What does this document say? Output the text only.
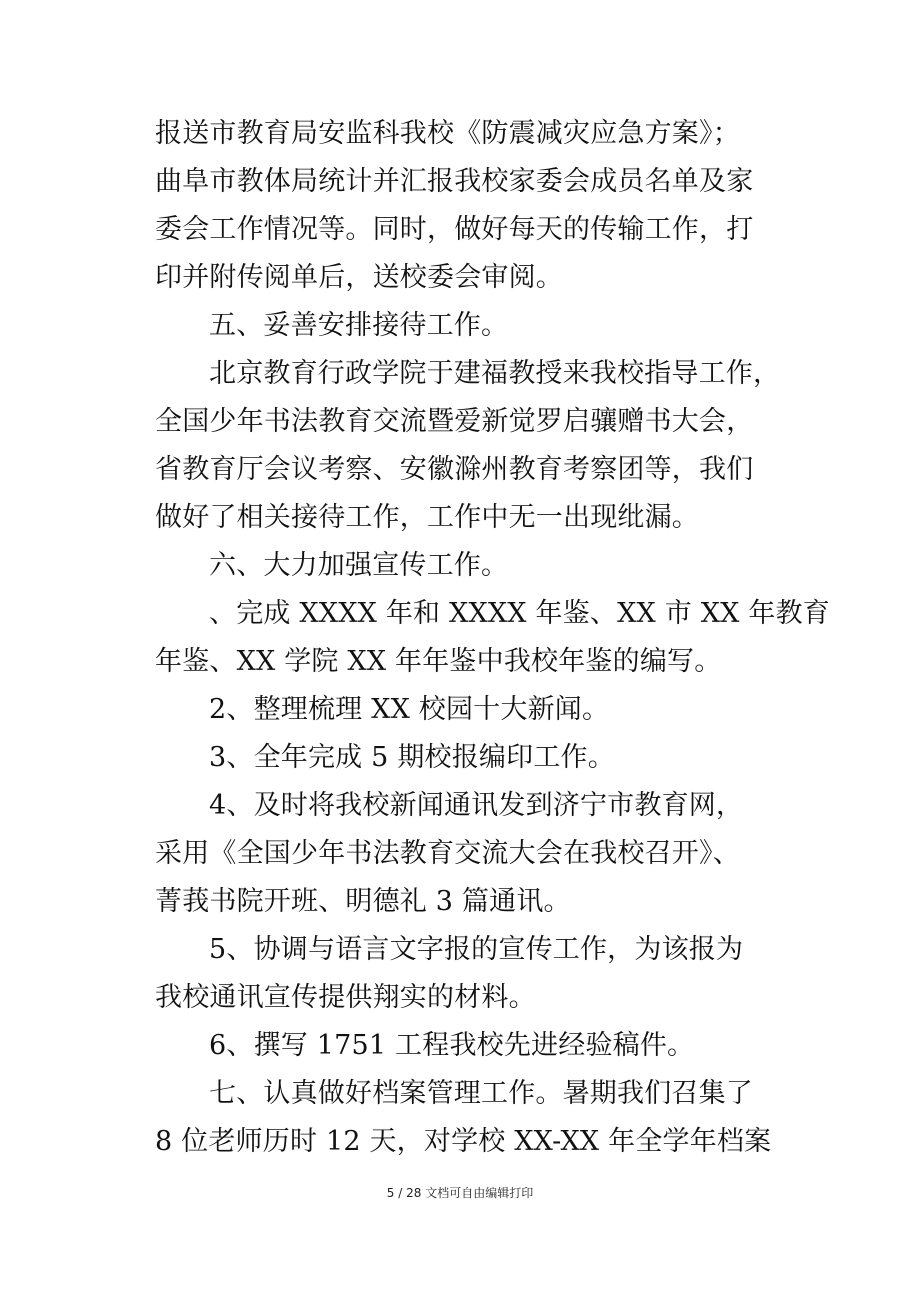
报送市教育局安监科我校《防震减灾应急方案》；
曲阜市教体局统计并汇报我校家委会成员名单及家
委会工作情况等。同时，做好每天的传输工作，打
印并附传阅单后，送校委会审阅。
五、妥善安排接待工作。
北京教育行政学院于建福教授来我校指导工作，
全国少年书法教育交流暨爱新觉罗启骧赠书大会，
省教育厅会议考察、安徽滁州教育考察团等，我们
做好了相关接待工作，工作中无一出现纰漏。
六、大力加强宣传工作。
、完成 XXXX 年和 XXXX 年鉴、XX 市 XX 年教育
年鉴、XX 学院 XX 年年鉴中我校年鉴的编写。
2、整理梳理 XX 校园十大新闻。
3、全年完成 5 期校报编印工作。
4、及时将我校新闻通讯发到济宁市教育网，
采用《全国少年书法教育交流大会在我校召开》、
菁莪书院开班、明德礼 3 篇通讯。
5、协调与语言文字报的宣传工作，为该报为
我校通讯宣传提供翔实的材料。
6、撰写 1751 工程我校先进经验稿件。
七、认真做好档案管理工作。暑期我们召集了
8 位老师历时 12 天，对学校 XX-XX 年全学年档案
5 / 28 文档可自由编辑打印
